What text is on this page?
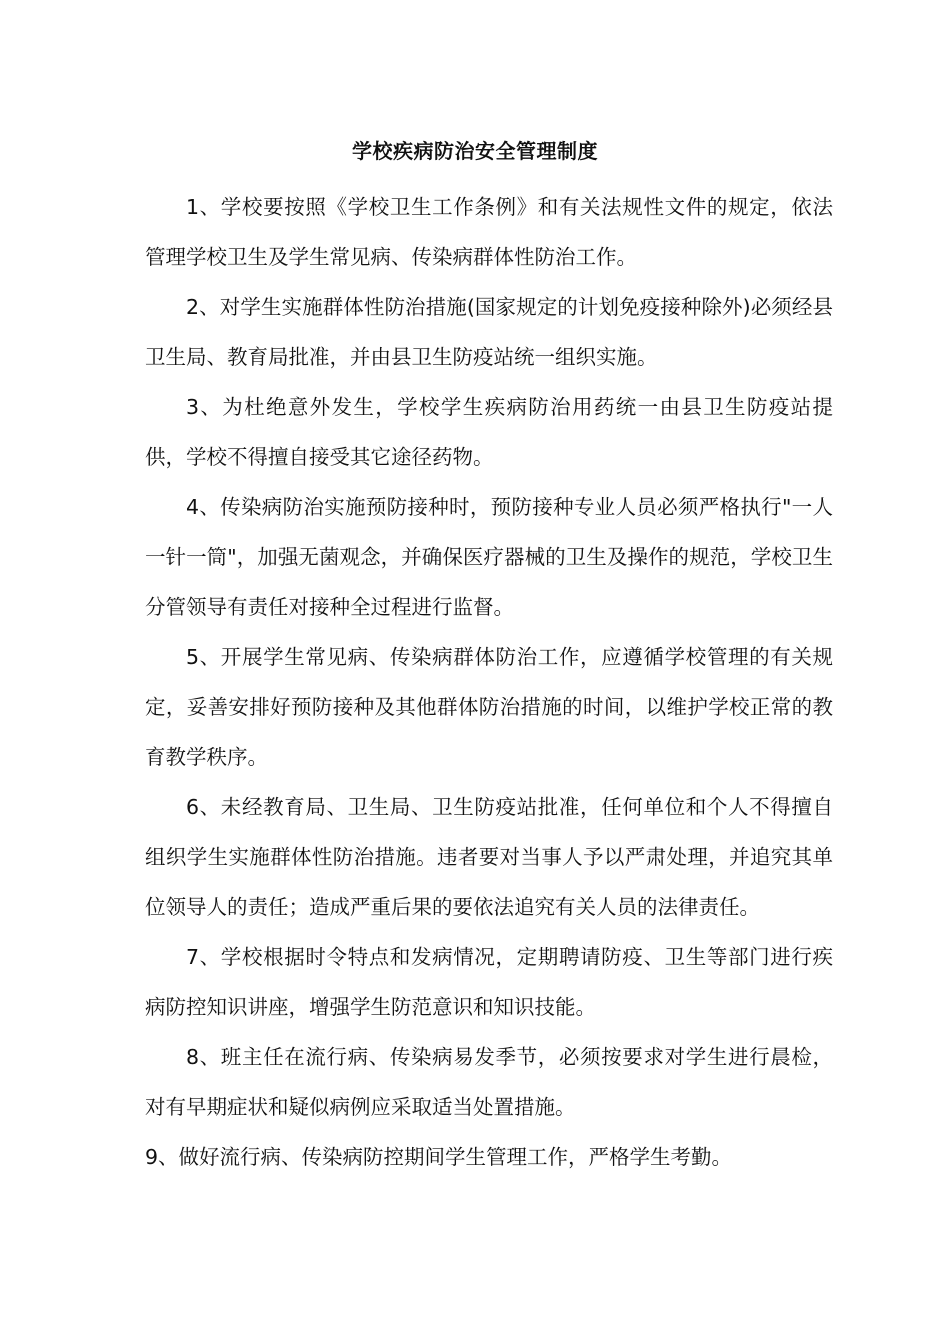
学校疾病防治安全管理制度

1、学校要按照《学校卫生工作条例》和有关法规性文件的规定，依法管理学校卫生及学生常见病、传染病群体性防治工作。

2、对学生实施群体性防治措施(国家规定的计划免疫接种除外)必须经县卫生局、教育局批准，并由县卫生防疫站统一组织实施。

3、为杜绝意外发生，学校学生疾病防治用药统一由县卫生防疫站提供，学校不得擅自接受其它途径药物。

4、传染病防治实施预防接种时，预防接种专业人员必须严格执行"一人一针一筒"，加强无菌观念，并确保医疗器械的卫生及操作的规范，学校卫生分管领导有责任对接种全过程进行监督。

5、开展学生常见病、传染病群体防治工作，应遵循学校管理的有关规定，妥善安排好预防接种及其他群体防治措施的时间，以维护学校正常的教育教学秩序。

6、未经教育局、卫生局、卫生防疫站批准，任何单位和个人不得擅自组织学生实施群体性防治措施。违者要对当事人予以严肃处理，并追究其单位领导人的责任；造成严重后果的要依法追究有关人员的法律责任。

7、学校根据时令特点和发病情况，定期聘请防疫、卫生等部门进行疾病防控知识讲座，增强学生防范意识和知识技能。

8、班主任在流行病、传染病易发季节，必须按要求对学生进行晨检，对有早期症状和疑似病例应采取适当处置措施。

9、做好流行病、传染病防控期间学生管理工作，严格学生考勤。
